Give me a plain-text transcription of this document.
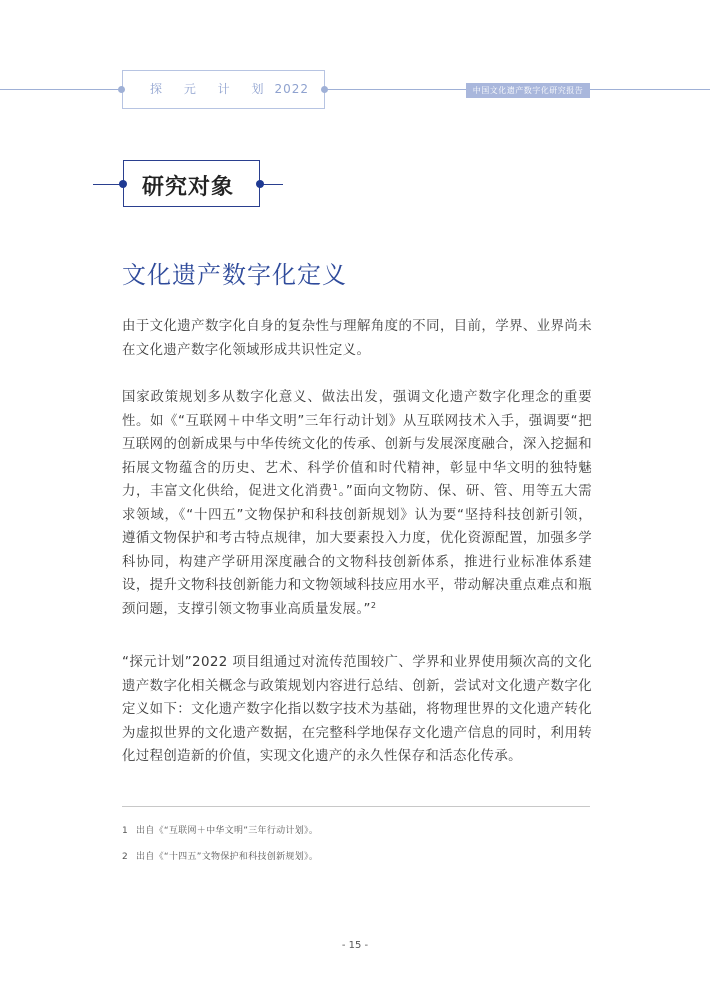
探 元 计 划 2022	中国文化遗产数字化研究报告
研究对象
文化遗产数字化定义
由于文化遗产数字化自身的复杂性与理解角度的不同，目前，学界、业界尚未在文化遗产数字化领域形成共识性定义。
国家政策规划多从数字化意义、做法出发，强调文化遗产数字化理念的重要性。如《“互联网＋中华文明”三年行动计划》从互联网技术入手，强调要“把互联网的创新成果与中华传统文化的传承、创新与发展深度融合，深入挖掘和拓展文物蕴含的历史、艺术、科学价值和时代精神，彰显中华文明的独特魅力，丰富文化供给，促进文化消费$^1$。”面向文物防、保、研、管、用等五大需求领域，《“十四五”文物保护和科技创新规划》认为要“坚持科技创新引领，遵循文物保护和考古特点规律，加大要素投入力度，优化资源配置，加强多学科协同，构建产学研用深度融合的文物科技创新体系，推进行业标准体系建设，提升文物科技创新能力和文物领域科技应用水平，带动解决重点难点和瓶颈问题，支撑引领文物事业高质量发展。”$^2$
“探元计划”2022 项目组通过对流传范围较广、学界和业界使用频次高的文化遗产数字化相关概念与政策规划内容进行总结、创新，尝试对文化遗产数字化定义如下：文化遗产数字化指以数字技术为基础，将物理世界的文化遗产转化为虚拟世界的文化遗产数据，在完整科学地保存文化遗产信息的同时，利用转化过程创造新的价值，实现文化遗产的永久性保存和活态化传承。
1 出自《“互联网＋中华文明”三年行动计划》。
2 出自《“十四五”文物保护和科技创新规划》。
- 15 -
